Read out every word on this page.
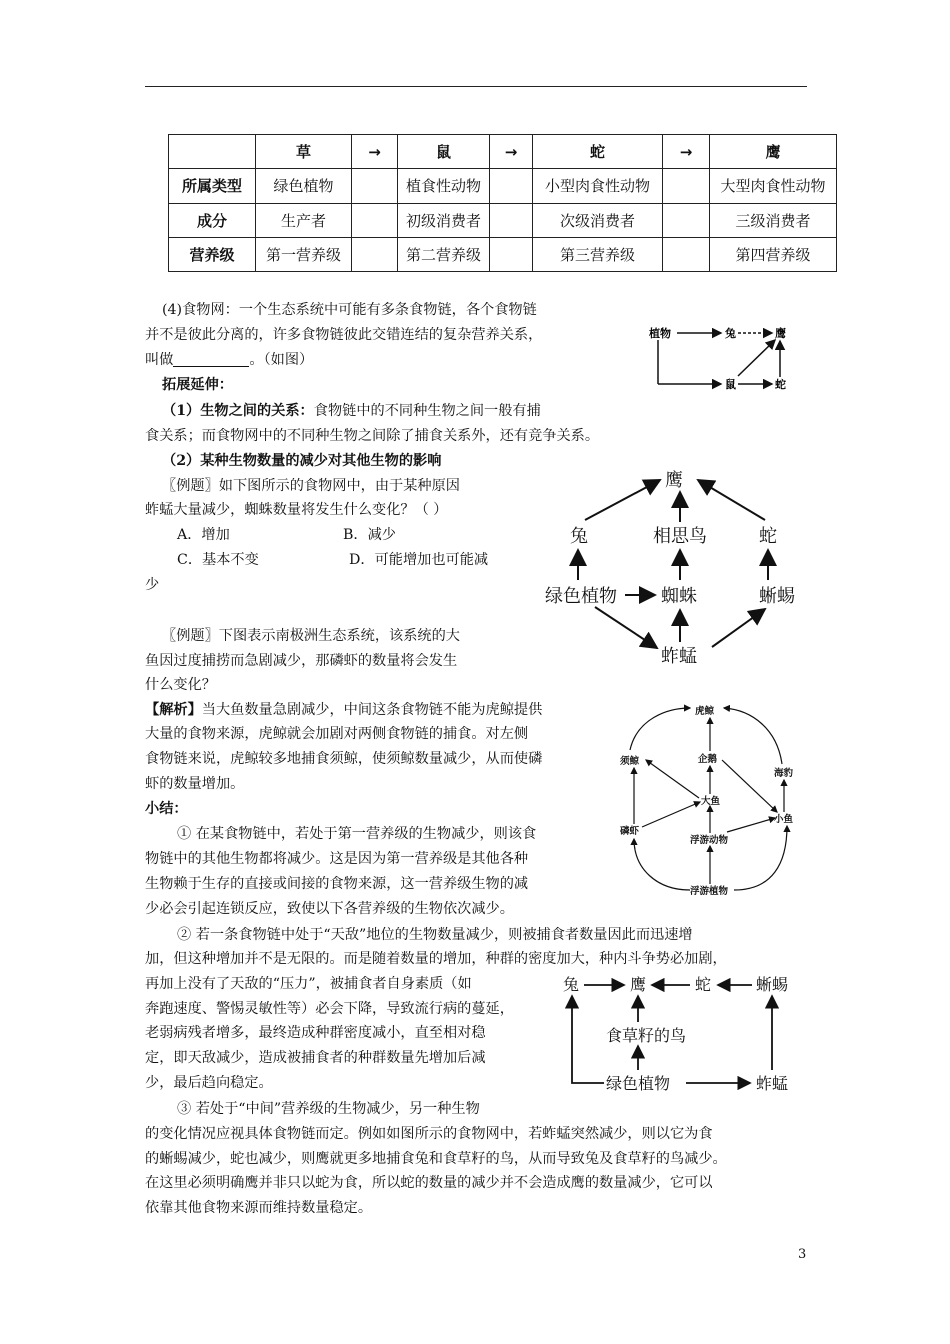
	草	→	鼠	→	蛇	→	鹰
所属类型	绿色植物		植食性动物		小型肉食性动物		大型肉食性动物
成分	生产者		初级消费者		次级消费者		三级消费者
营养级	第一营养级		第二营养级		第三营养级		第四营养级
(4)食物网：一个生态系统中可能有多条食物链，各个食物链
并不是彼此分离的，许多食物链彼此交错连结的复杂营养关系，
叫做	。（如图）
植物	兔	鹰
鼠	蛇
拓展延伸：
（1）生物之间的关系：食物链中的不同种生物之间一般有捕
食关系；而食物网中的不同种生物之间除了捕食关系外，还有竞争关系。
（2）某种生物数量的减少对其他生物的影响
〖例题〗如下图所示的食物网中，由于某种原因
蚱蜢大量减少，蜘蛛数量将发生什么变化？（ ）
A．增加	B．减少
C．基本不变	D．可能增加也可能减
少
鹰
兔	相思鸟	蛇
绿色植物 蜘蛛	蜥蜴
蚱蜢
〖例题〗下图表示南极洲生态系统，该系统的大
鱼因过度捕捞而急剧减少，那磷虾的数量将会发生
什么变化？
【解析】当大鱼数量急剧减少，中间这条食物链不能为虎鲸提供
大量的食物来源，虎鲸就会加剧对两侧食物链的捕食。对左侧
食物链来说，虎鲸较多地捕食须鲸，使须鲸数量减少，从而使磷
虾的数量增加。
虎鲸
须鲸	企鹅
海豹
大鱼
磷虾
浮游动物
小鱼
浮游植物
小结：
① 在某食物链中，若处于第一营养级的生物减少，则该食
物链中的其他生物都将减少。这是因为第一营养级是其他各种
生物赖于生存的直接或间接的食物来源，这一营养级生物的减
少必会引起连锁反应，致使以下各营养级的生物依次减少。
② 若一条食物链中处于“天敌”地位的生物数量减少，则被捕食者数量因此而迅速增
加，但这种增加并不是无限的。而是随着数量的增加，种群的密度加大，种内斗争势必加剧，
再加上没有了天敌的“压力”，被捕食者自身素质（如
奔跑速度、警惕灵敏性等）必会下降，导致流行病的蔓延，
老弱病残者增多，最终造成种群密度减小，直至相对稳
定，即天敌减少，造成被捕食者的种群数量先增加后减
少，最后趋向稳定。
兔	鹰	蛇	蜥蜴
食草籽的鸟
绿色植物	蚱蜢
③ 若处于“中间”营养级的生物减少，另一种生物
的变化情况应视具体食物链而定。例如如图所示的食物网中，若蚱蜢突然减少，则以它为食
的蜥蜴减少，蛇也减少，则鹰就更多地捕食兔和食草籽的鸟，从而导致兔及食草籽的鸟减少。
在这里必须明确鹰并非只以蛇为食，所以蛇的数量的减少并不会造成鹰的数量减少，它可以
依靠其他食物来源而维持数量稳定。
3
